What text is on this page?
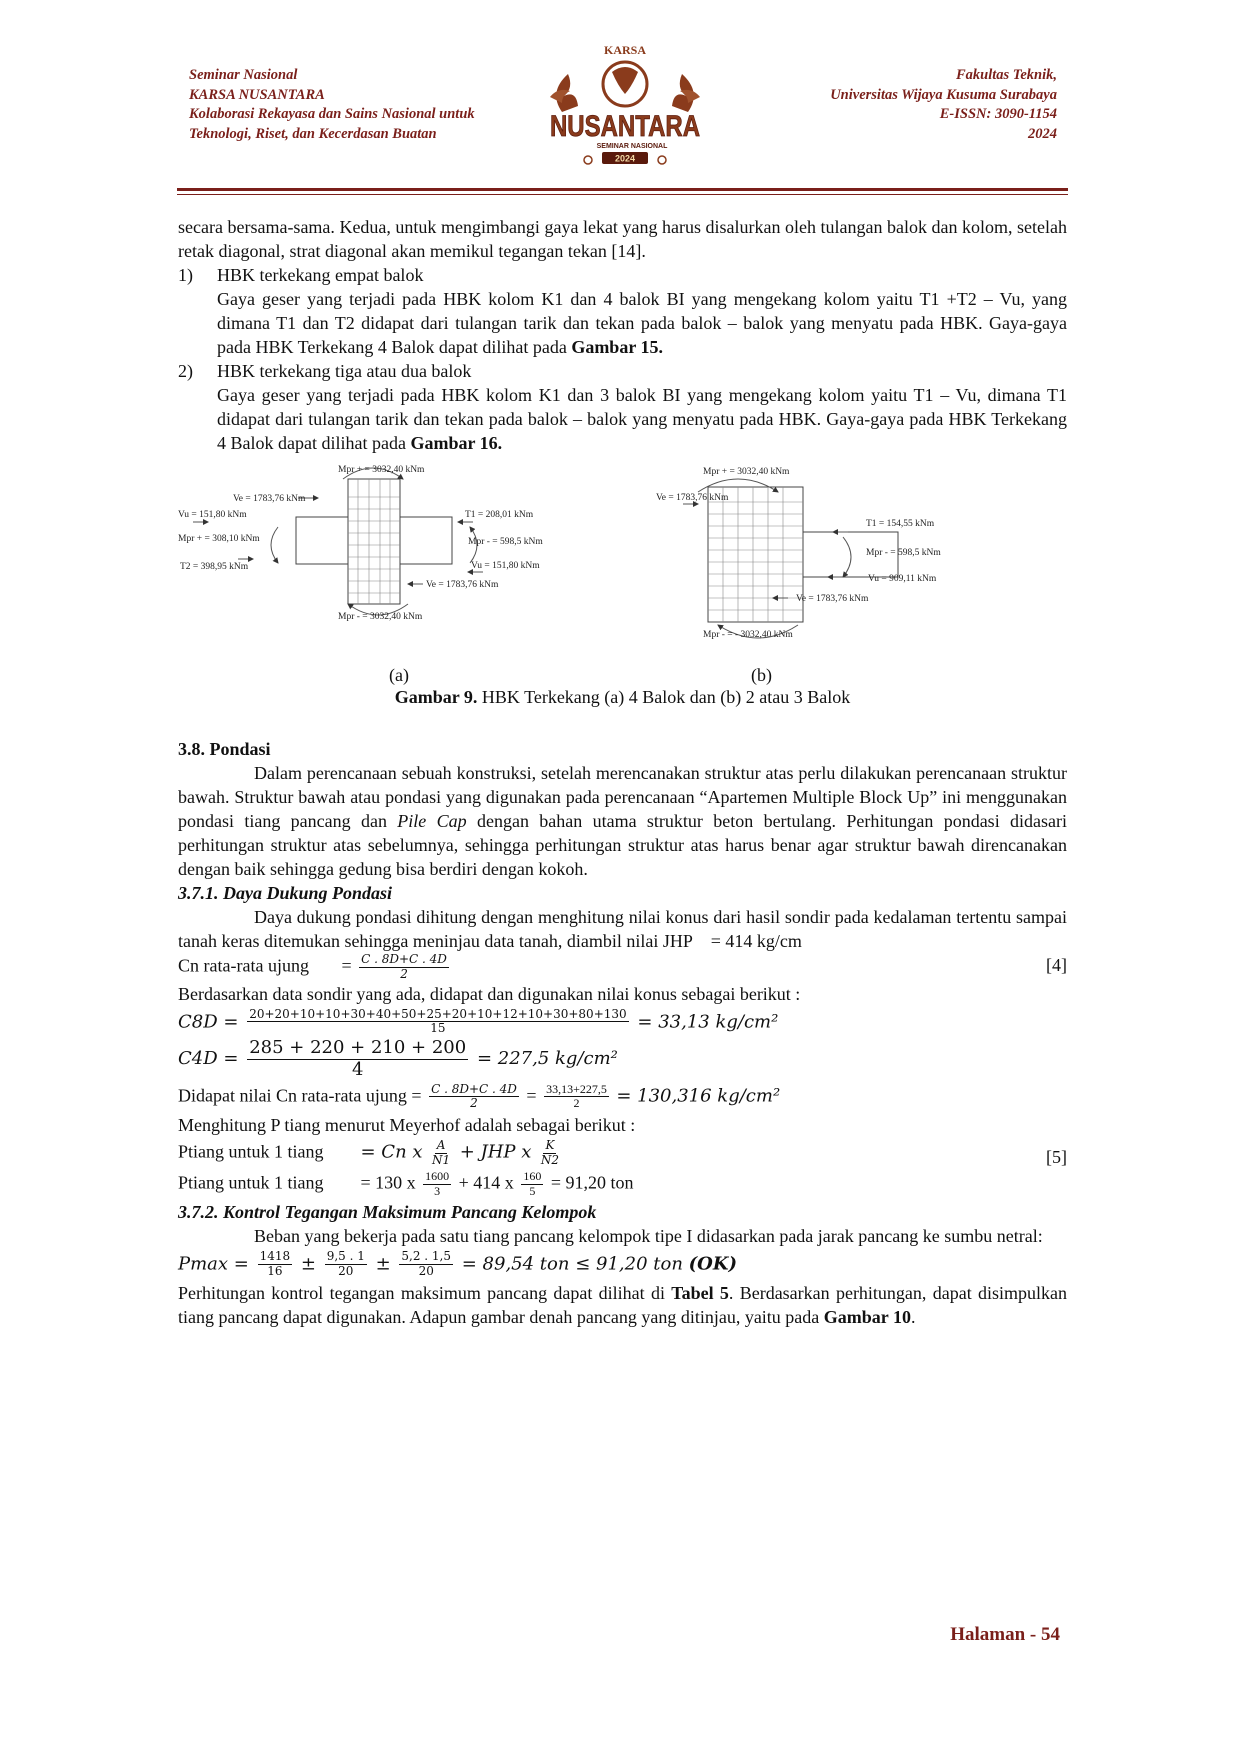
Seminar Nasional
KARSA NUSANTARA
Kolaborasi Rekayasa dan Sains Nasional untuk
Teknologi, Riset, dan Kecerdasan Buatan
KARSA
NUSANTARA
SEMINAR NASIONAL
2024
Fakultas Teknik,
Universitas Wijaya Kusuma Surabaya
E-ISSN: 3090-1154
2024

secara bersama-sama. Kedua, untuk mengimbangi gaya lekat yang harus disalurkan oleh tulangan balok dan kolom, setelah retak diagonal, strat diagonal akan memikul tegangan tekan [14].

1) HBK terkekang empat balok

Gaya geser yang terjadi pada HBK kolom K1 dan 4 balok BI yang mengekang kolom yaitu T1 +T2 – Vu, yang dimana T1 dan T2 didapat dari tulangan tarik dan tekan pada balok – balok yang menyatu pada HBK. Gaya-gaya pada HBK Terkekang 4 Balok dapat dilihat pada Gambar 15.

2) HBK terkekang tiga atau dua balok

Gaya geser yang terjadi pada HBK kolom K1 dan 3 balok BI yang mengekang kolom yaitu T1 – Vu, dimana T1 didapat dari tulangan tarik dan tekan pada balok – balok yang menyatu pada HBK. Gaya-gaya pada HBK Terkekang 4 Balok dapat dilihat pada Gambar 16.

Mpr + = 3032,40 kNm
Ve = 1783,76 kNm
Vu = 151,80 kNm
Mpr + = 308,10 kNm
T2 = 398,95 kNm
T1 = 208,01 kNm
Mpr - = 598,5 kNm
Vu = 151,80 kNm
Ve = 1783,76 kNm
Mpr - = 3032,40 kNm
Mpr + = 3032,40 kNm
Ve = 1783,76 kNm
T1 = 154,55 kNm
Mpr - = 598,5 kNm
Vu = 909,11 kNm
Ve = 1783,76 kNm
Mpr - = - 3032,40 kNm
(a)	(b)
Gambar 9. HBK Terkekang (a) 4 Balok dan (b) 2 atau 3 Balok
3.8. Pondasi

Dalam perencanaan sebuah konstruksi, setelah merencanakan struktur atas perlu dilakukan perencanaan struktur bawah. Struktur bawah atau pondasi yang digunakan pada perencanaan “Apartemen Multiple Block Up” ini menggunakan pondasi tiang pancang dan Pile Cap dengan bahan utama struktur beton bertulang. Perhitungan pondasi didasari perhitungan struktur atas sebelumnya, sehingga perhitungan struktur atas harus benar agar struktur bawah direncanakan dengan baik sehingga gedung bisa berdiri dengan kokoh.

3.7.1. Daya Dukung Pondasi

Daya dukung pondasi dihitung dengan menghitung nilai konus dari hasil sondir pada kedalaman tertentu sampai tanah keras ditemukan sehingga meninjau data tanah, diambil nilai JHP = 414 kg/cm

Cn rata-rata ujung = $\frac{C . 8D+C . 4D}{2}$	[4]
Berdasarkan data sondir yang ada, didapat dan digunakan nilai konus sebagai berikut :
$C8D = \frac{20+20+10+10+30+40+50+25+20+10+12+10+30+80+130}{15} = 33,13$ kg/cm²
$C4D = \frac{285 + 220 + 210 + 200}{4} = 227,5$ kg/cm²
Didapat nilai Cn rata-rata ujung = $\frac{C . 8D+C . 4D}{2} = \frac{33,13+227,5}{2} = 130,316$ kg/cm²
Menghitung P tiang menurut Meyerhof adalah sebagai berikut :
Ptiang untuk 1 tiang = Cn x $\frac{A}{N1}$ + JHP x $\frac{K}{N2}$	[5]
Ptiang untuk 1 tiang = 130 x $\frac{1600}{3} + 414$ x $\frac{160}{5} = 91,20$ ton
3.7.2. Kontrol Tegangan Maksimum Pancang Kelompok

Beban yang bekerja pada satu tiang pancang kelompok tipe I didasarkan pada jarak pancang ke sumbu netral:

$Pmax = \frac{1418}{16} \pm \frac{9,5 . 1}{20} \pm \frac{5,2 . 1,5}{20} = 89,54$ ton ≤ 91,20 ton (OK)

Perhitungan kontrol tegangan maksimum pancang dapat dilihat di Tabel 5. Berdasarkan perhitungan, dapat disimpulkan tiang pancang dapat digunakan. Adapun gambar denah pancang yang ditinjau, yaitu pada Gambar 10.

Halaman - 54
